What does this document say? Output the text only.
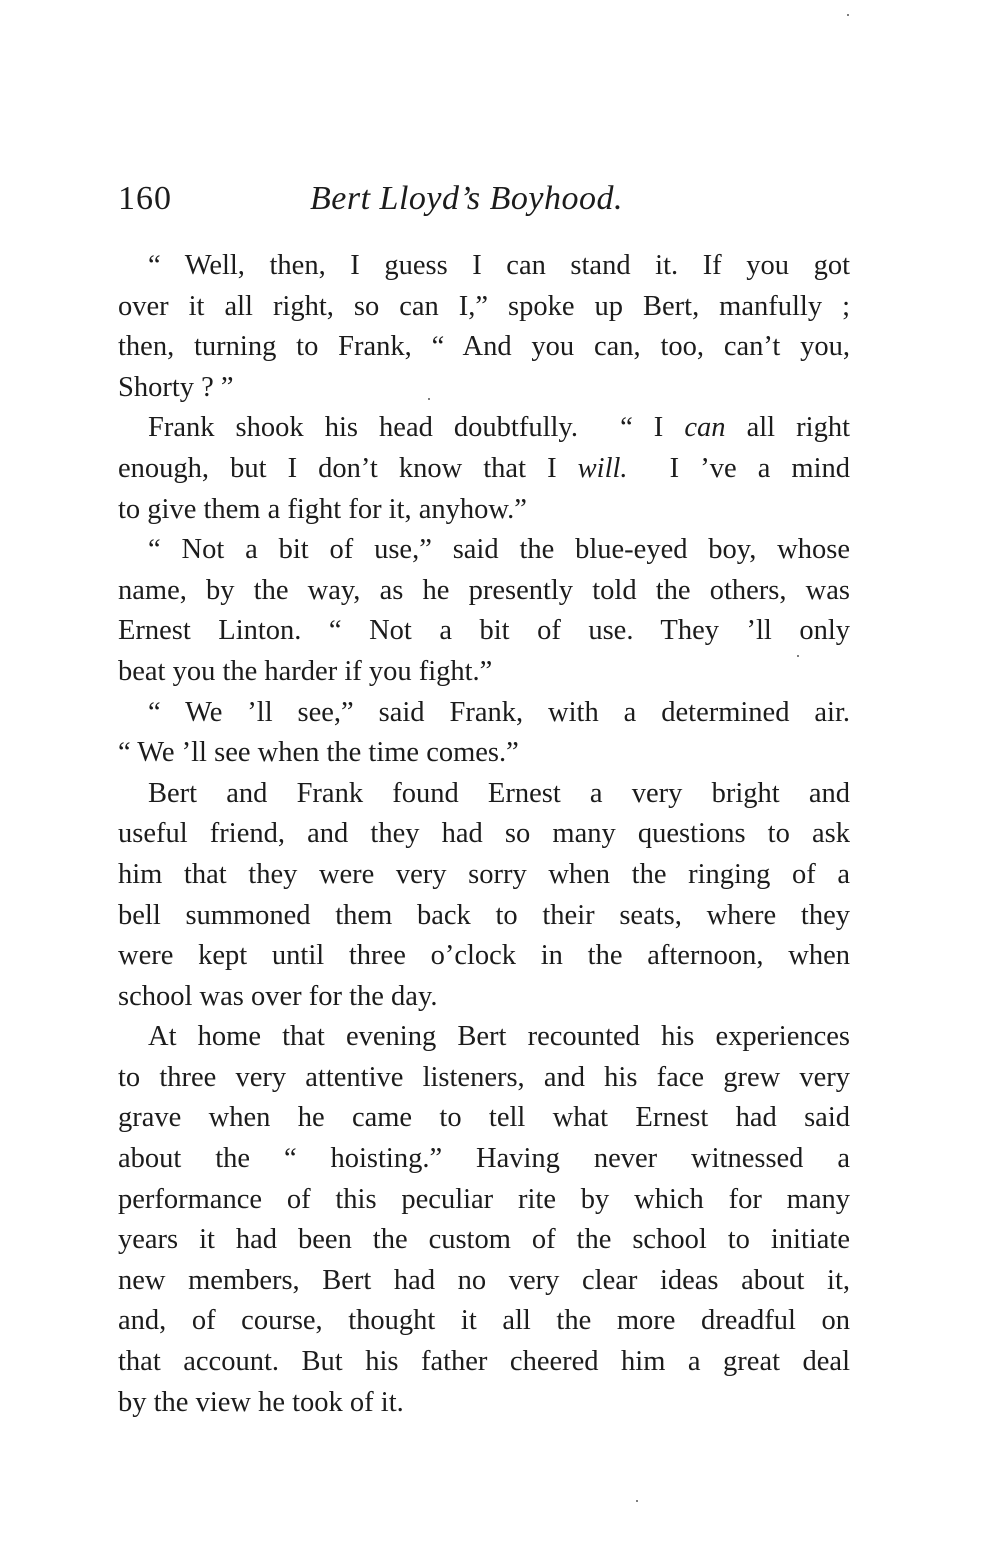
160	Bert Lloyd’s Boyhood.
“ Well, then, I guess I can stand it. If you got
over it all right, so can I,” spoke up Bert, manfully ;
then, turning to Frank, “ And you can, too, can’t you,
Shorty ? ”
Frank shook his head doubtfully.  “ I can all right
enough, but I don’t know that I will.  I ’ve a mind
to give them a fight for it, anyhow.”
“ Not a bit of use,” said the blue-eyed boy, whose
name, by the way, as he presently told the others, was
Ernest Linton. “ Not a bit of use. They ’ll only
beat you the harder if you fight.”
“ We ’ll see,” said Frank, with a determined air.
“ We ’ll see when the time comes.”
Bert and Frank found Ernest a very bright and
useful friend, and they had so many questions to ask
him that they were very sorry when the ringing of a
bell summoned them back to their seats, where they
were kept until three o’clock in the afternoon, when
school was over for the day.
At home that evening Bert recounted his experiences
to three very attentive listeners, and his face grew very
grave when he came to tell what Ernest had said
about the “ hoisting.” Having never witnessed a
performance of this peculiar rite by which for many
years it had been the custom of the school to initiate
new members, Bert had no very clear ideas about it,
and, of course, thought it all the more dreadful on
that account. But his father cheered him a great deal
by the view he took of it.
